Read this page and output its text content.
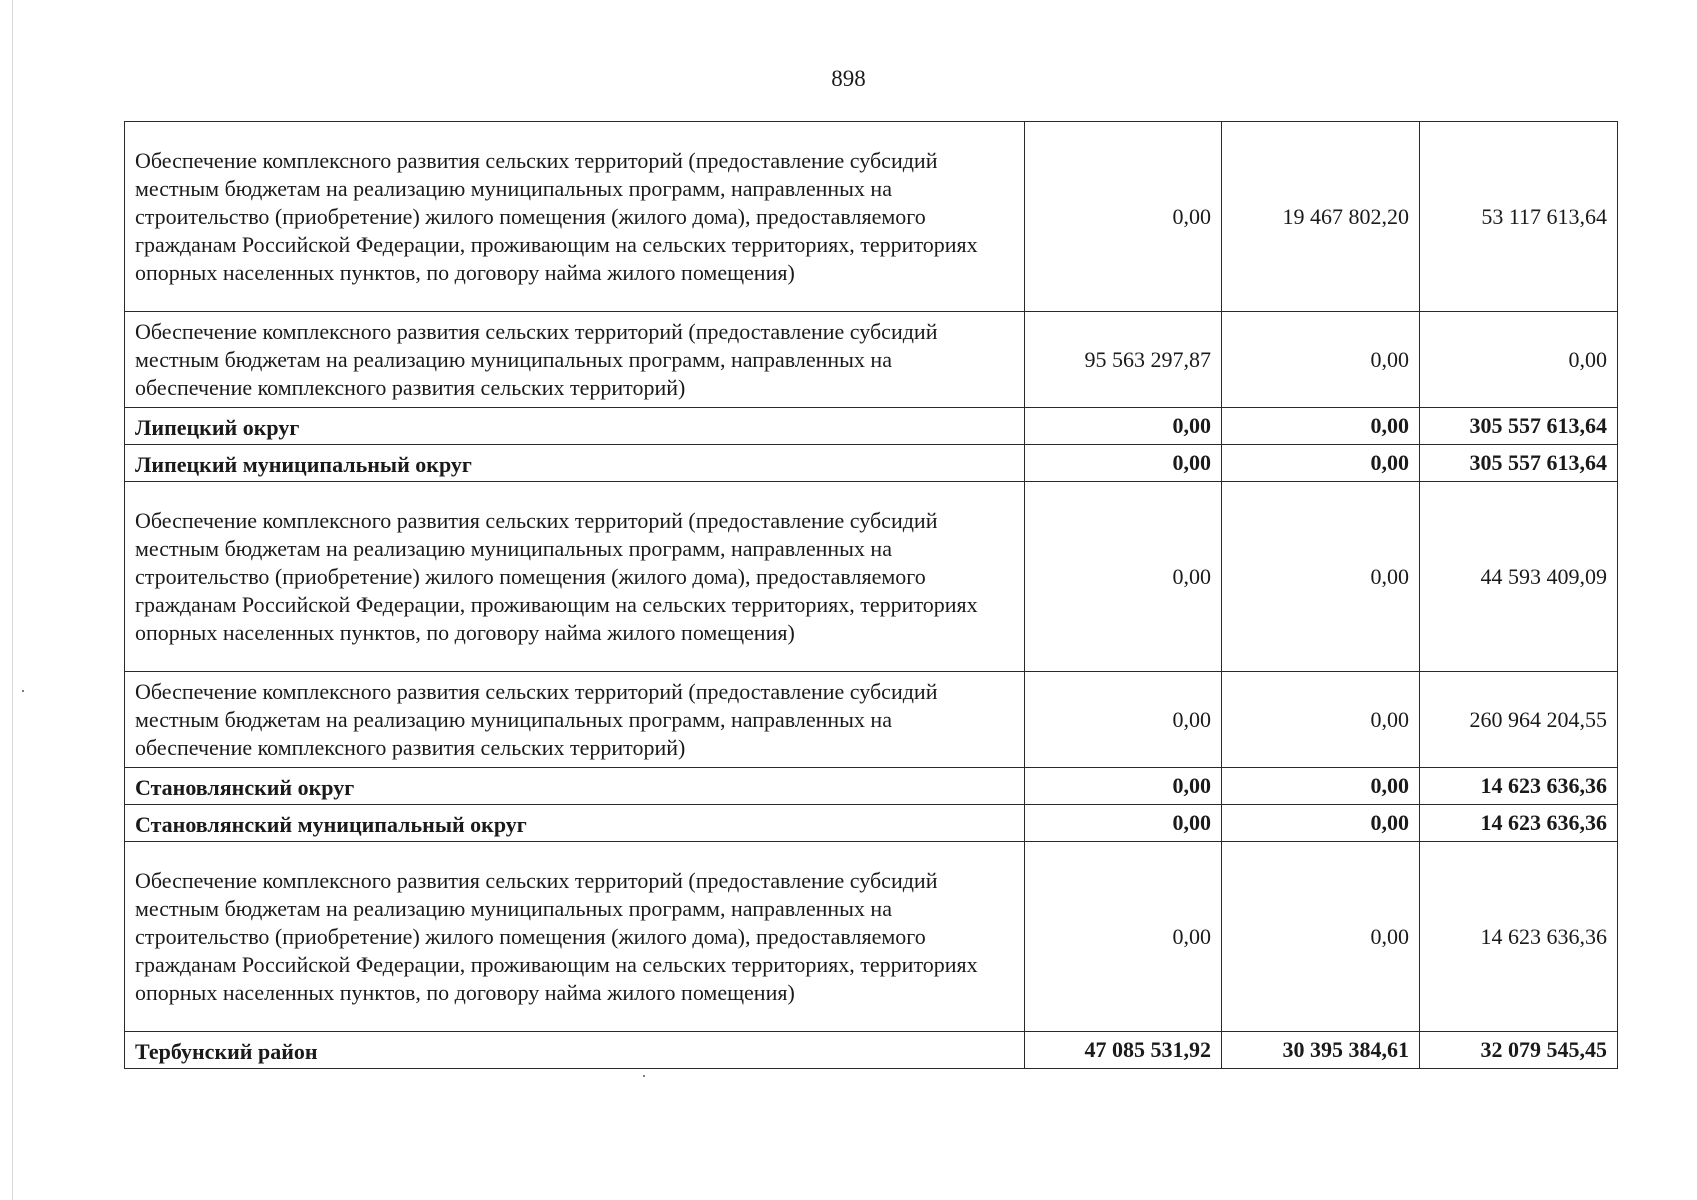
898
Обеспечение комплексного развития сельских территорий (предоставление субсидий местным бюджетам на реализацию муниципальных программ, направленных на строительство (приобретение) жилого помещения (жилого дома), предоставляемого гражданам Российской Федерации, проживающим на сельских территориях, территориях опорных населенных пунктов, по договору найма жилого помещения)	0,00	19 467 802,20	53 117 613,64
Обеспечение комплексного развития сельских территорий (предоставление субсидий местным бюджетам на реализацию муниципальных программ, направленных на обеспечение комплексного развития сельских территорий)	95 563 297,87	0,00	0,00
Липецкий округ	0,00	0,00	305 557 613,64
Липецкий муниципальный округ	0,00	0,00	305 557 613,64
Обеспечение комплексного развития сельских территорий (предоставление субсидий местным бюджетам на реализацию муниципальных программ, направленных на строительство (приобретение) жилого помещения (жилого дома), предоставляемого гражданам Российской Федерации, проживающим на сельских территориях, территориях опорных населенных пунктов, по договору найма жилого помещения)	0,00	0,00	44 593 409,09
Обеспечение комплексного развития сельских территорий (предоставление субсидий местным бюджетам на реализацию муниципальных программ, направленных на обеспечение комплексного развития сельских территорий)	0,00	0,00	260 964 204,55
Становлянский округ	0,00	0,00	14 623 636,36
Становлянский муниципальный округ	0,00	0,00	14 623 636,36
Обеспечение комплексного развития сельских территорий (предоставление субсидий местным бюджетам на реализацию муниципальных программ, направленных на строительство (приобретение) жилого помещения (жилого дома), предоставляемого гражданам Российской Федерации, проживающим на сельских территориях, территориях опорных населенных пунктов, по договору найма жилого помещения)	0,00	0,00	14 623 636,36
Тербунский район	47 085 531,92	30 395 384,61	32 079 545,45
